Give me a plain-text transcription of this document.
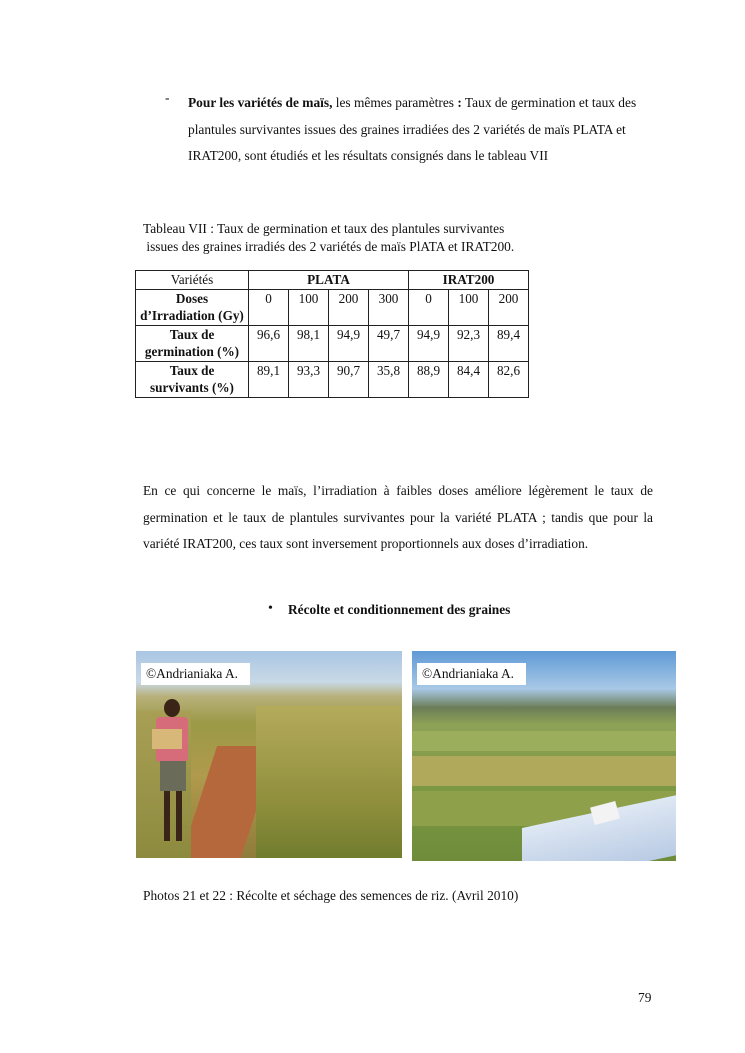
- Pour les variétés de maïs, les mêmes paramètres : Taux de germination et taux des plantules survivantes issues des graines irradiées des 2 variétés de maïs PLATA et IRAT200, sont étudiés et les résultats consignés dans le tableau VII
Tableau VII : Taux de germination et taux des plantules survivantes
issues des graines irradiés des 2 variétés de maïs PlATA et IRAT200.
Variétés	PLATA				IRAT200		
Doses d’Irradiation (Gy)	0	100	200	300	0	100	200
Taux de germination (%)	96,6	98,1	94,9	49,7	94,9	92,3	89,4
Taux de survivants (%)	89,1	93,3	90,7	35,8	88,9	84,4	82,6
En ce qui concerne le maïs, l’irradiation à faibles doses améliore légèrement le taux de germination et le taux de plantules survivantes pour la variété PLATA ; tandis que pour la variété IRAT200, ces taux sont inversement proportionnels aux doses d’irradiation.
• Récolte et conditionnement des graines
©Andrianiaka A.	©Andrianiaka A.
Photos 21 et 22 : Récolte et séchage des semences de riz. (Avril 2010)
79
